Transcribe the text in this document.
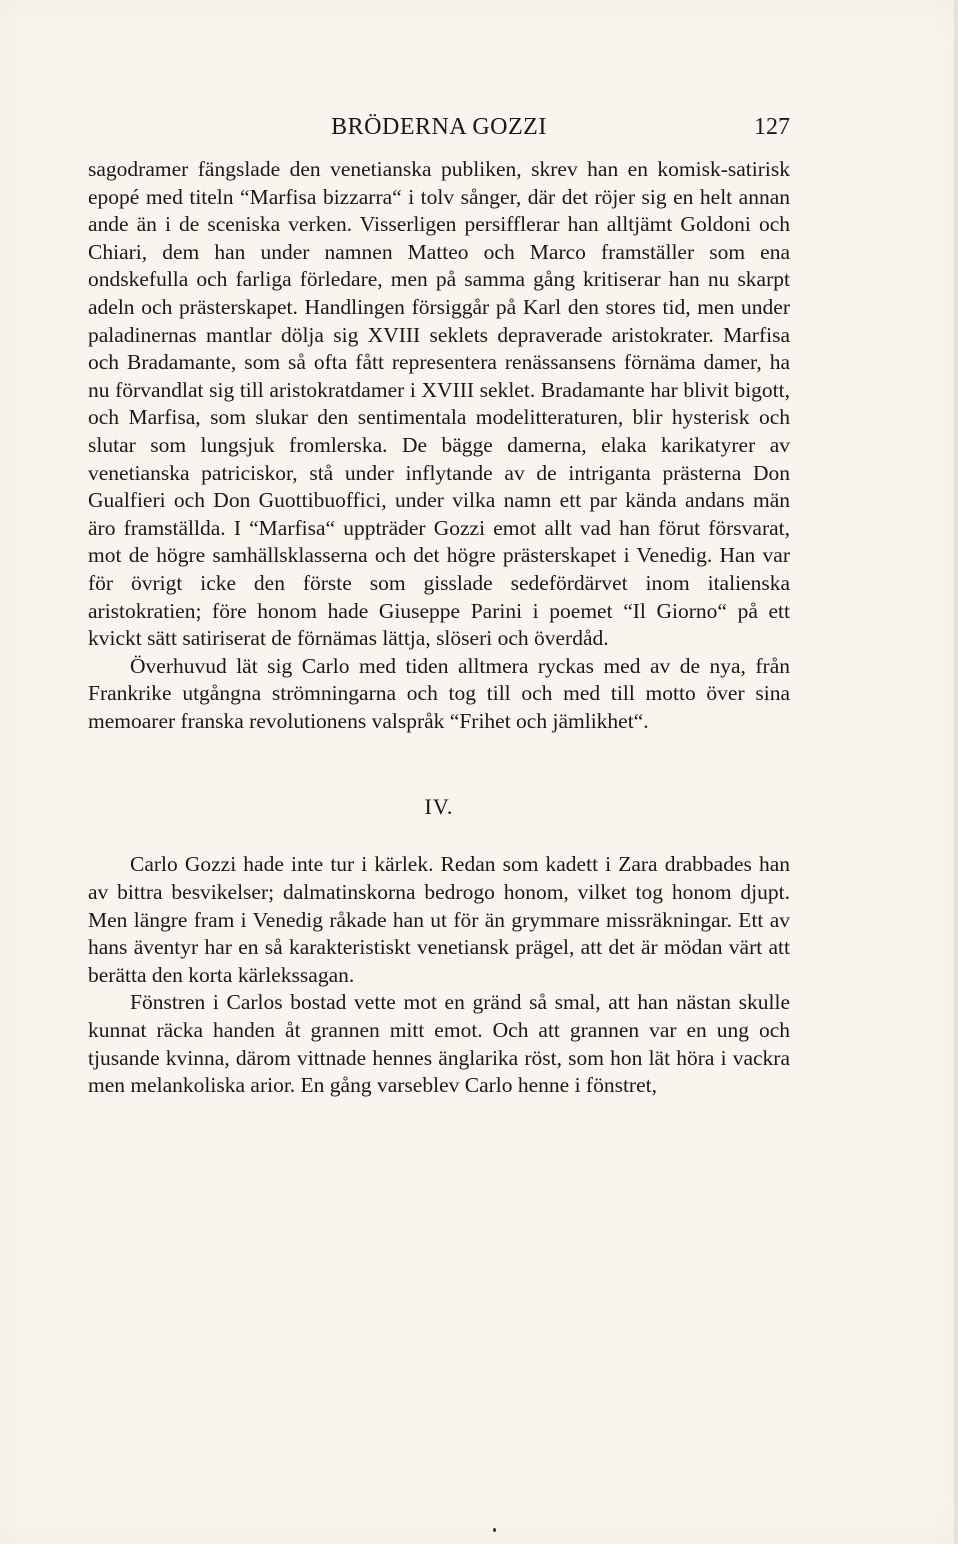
BRÖDERNA GOZZI	127

sagodramer fängslade den venetianska publiken, skrev han en komisk-satirisk epopé med titeln “Marfisa bizzarra“ i tolv sånger, där det röjer sig en helt annan ande än i de sceniska verken. Visserligen persifflerar han alltjämt Goldoni och Chiari, dem han under namnen Matteo och Marco framställer som ena ondskefulla och farliga förledare, men på samma gång kritiserar han nu skarpt adeln och prästerskapet. Handlingen försiggår på Karl den stores tid, men under paladinernas mantlar dölja sig XVIII seklets depraverade aristokrater. Marfisa och Bradamante, som så ofta fått representera renässansens förnäma damer, ha nu förvandlat sig till aristokratdamer i XVIII seklet. Bradamante har blivit bigott, och Marfisa, som slukar den sentimentala modelitteraturen, blir hysterisk och slutar som lungsjuk fromlerska. De bägge damerna, elaka karikatyrer av venetianska patriciskor, stå under inflytande av de intriganta prästerna Don Gualfieri och Don Guottibuoffici, under vilka namn ett par kända andans män äro framställda. I “Marfisa“ uppträder Gozzi emot allt vad han förut försvarat, mot de högre samhällsklasserna och det högre prästerskapet i Venedig. Han var för övrigt icke den förste som gisslade sedefördärvet inom italienska aristokratien; före honom hade Giuseppe Parini i poemet “Il Giorno“ på ett kvickt sätt satiriserat de förnämas lättja, slöseri och överdåd.

Överhuvud lät sig Carlo med tiden alltmera ryckas med av de nya, från Frankrike utgångna strömningarna och tog till och med till motto över sina memoarer franska revolutionens valspråk “Frihet och jämlikhet“.

IV.

Carlo Gozzi hade inte tur i kärlek. Redan som kadett i Zara drabbades han av bittra besvikelser; dalmatinskorna bedrogo honom, vilket tog honom djupt. Men längre fram i Venedig råkade han ut för än grymmare missräkningar. Ett av hans äventyr har en så karakteristiskt venetiansk prägel, att det är mödan värt att berätta den korta kärlekssagan.

Fönstren i Carlos bostad vette mot en gränd så smal, att han nästan skulle kunnat räcka handen åt grannen mitt emot. Och att grannen var en ung och tjusande kvinna, därom vittnade hennes änglarika röst, som hon lät höra i vackra men melankoliska arior. En gång varseblev Carlo henne i fönstret,
